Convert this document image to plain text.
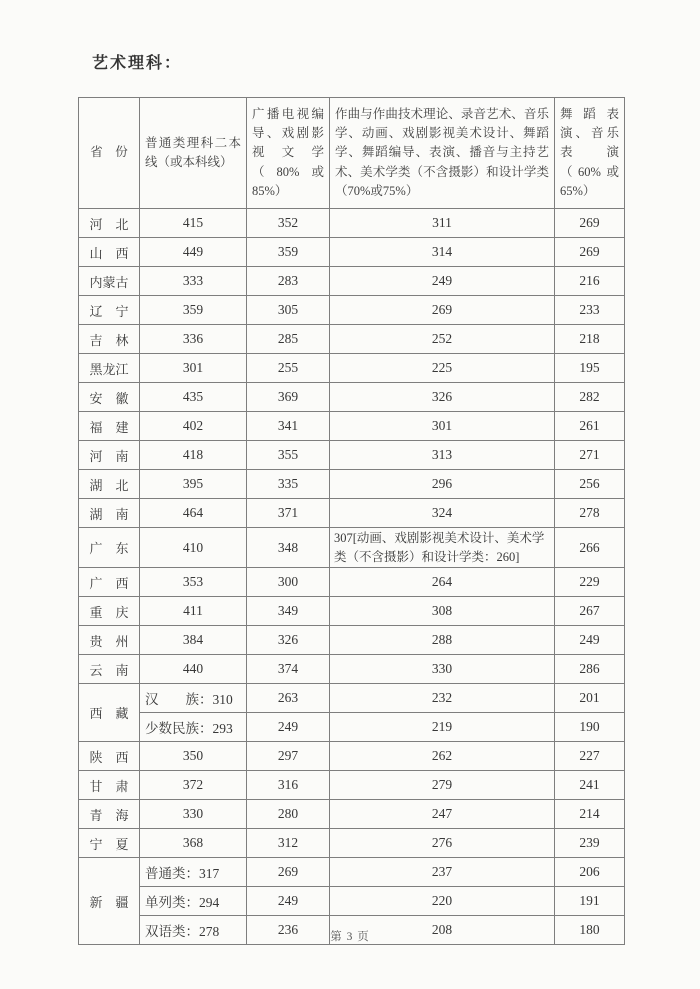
艺术理科：
省　份	普通类理科二本线（或本科线）	广播电视编导、戏剧影视文学（80%或85%）	作曲与作曲技术理论、录音艺术、音乐学、动画、戏剧影视美术设计、舞蹈学、舞蹈编导、表演、播音与主持艺术、美术学类（不含摄影）和设计学类（70%或75%）	舞蹈表演、音乐表演（60%或65%）
河　北	415	352	311	269
山　西	449	359	314	269
内蒙古	333	283	249	216
辽　宁	359	305	269	233
吉　林	336	285	252	218
黑龙江	301	255	225	195
安　徽	435	369	326	282
福　建	402	341	301	261
河　南	418	355	313	271
湖　北	395	335	296	256
湖　南	464	371	324	278
广　东	410	348	307[动画、戏剧影视美术设计、美术学类（不含摄影）和设计学类：260]	266
广　西	353	300	264	229
重　庆	411	349	308	267
贵　州	384	326	288	249
云　南	440	374	330	286
西　藏	汉　　族：310	263	232	201
	少数民族：293	249	219	190
陕　西	350	297	262	227
甘　肃	372	316	279	241
青　海	330	280	247	214
宁　夏	368	312	276	239
新　疆	普通类：317	269	237	206
	单列类：294	249	220	191
	双语类：278	236	208	180
第 3 页
